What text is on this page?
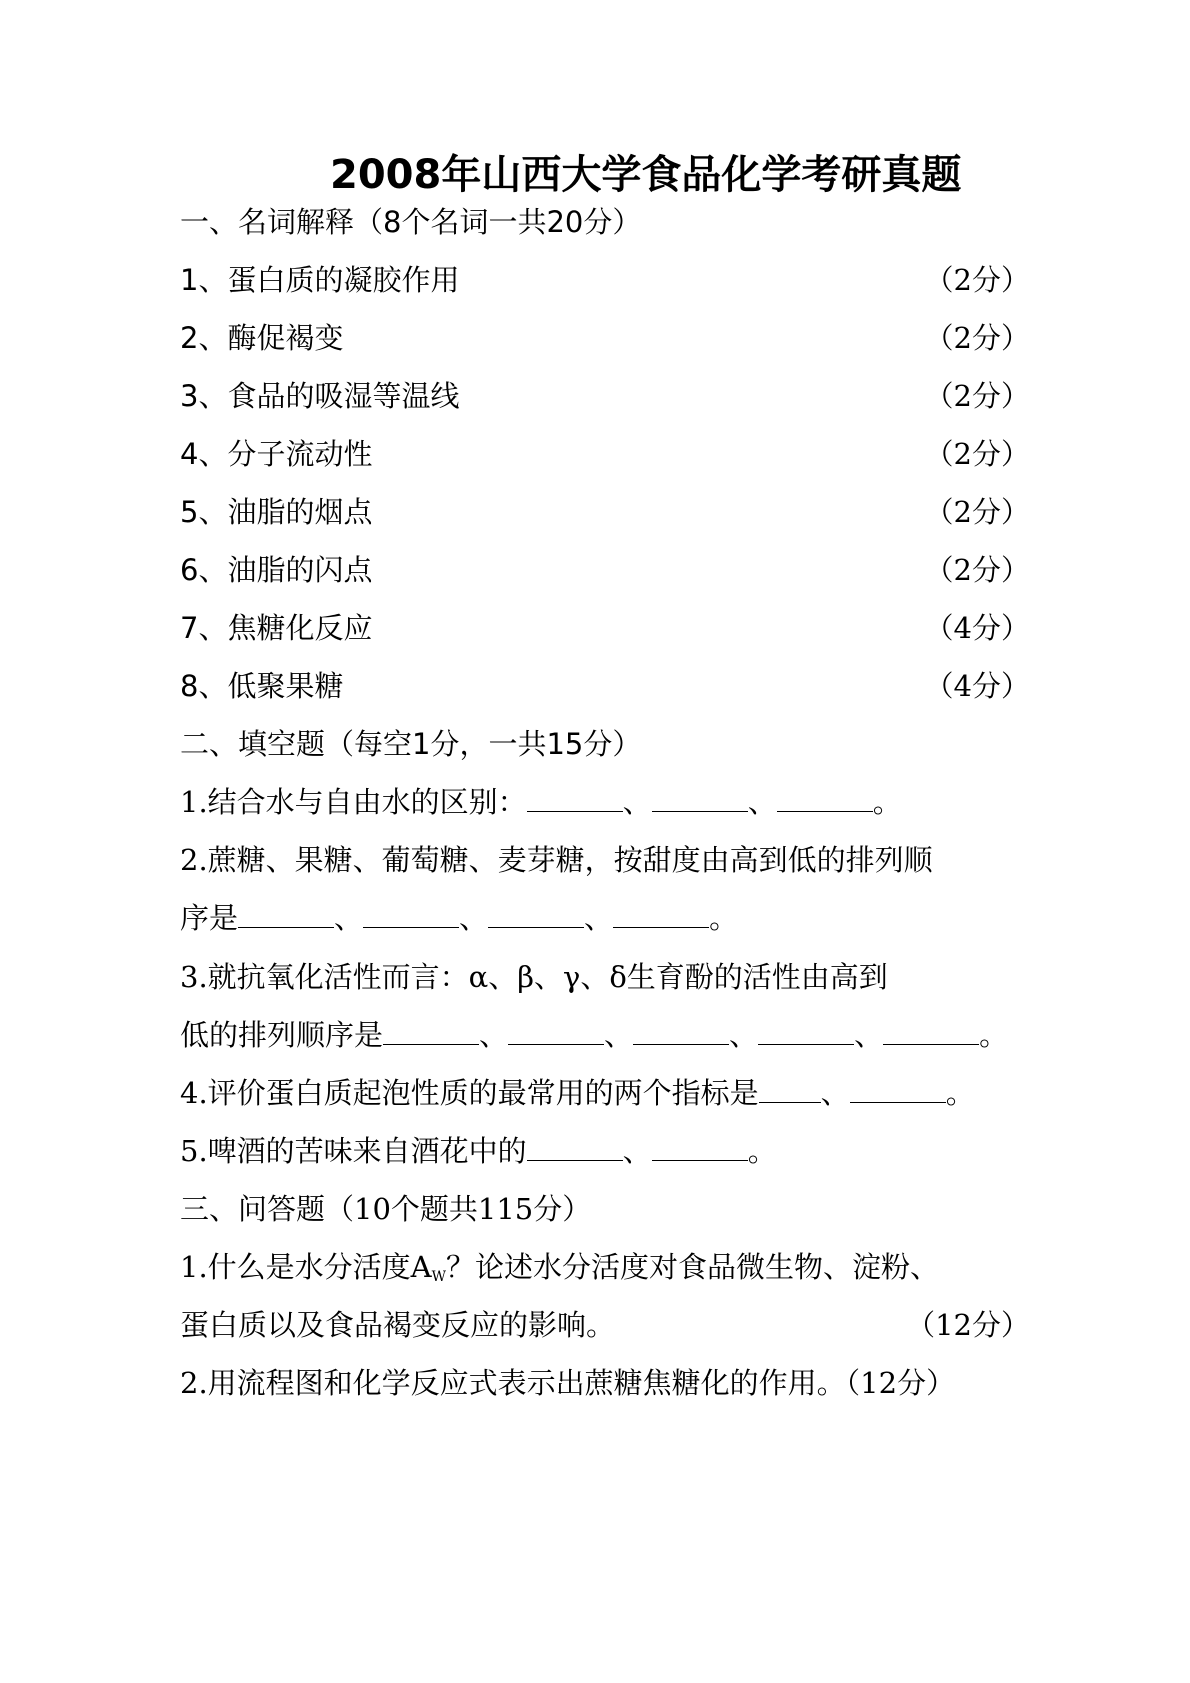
2008年山西大学食品化学考研真题
一、名词解释（8个名词一共20分）
1、蛋白质的凝胶作用	（2分）
2、酶促褐变	（2分）
3、食品的吸湿等温线	（2分）
4、分子流动性	（2分）
5、油脂的烟点	（2分）
6、油脂的闪点	（2分）
7、焦糖化反应	（4分）
8、低聚果糖	（4分）
二、填空题（每空1分，一共15分）
1.结合水与自由水的区别：	、	、	。
2.蔗糖、果糖、葡萄糖、麦芽糖，按甜度由高到低的排列顺
序是	、	、	、	。
3.就抗氧化活性而言：α、β、γ、δ生育酚的活性由高到
低的排列顺序是	、	、	、	、	。
4.评价蛋白质起泡性质的最常用的两个指标是 、	。
5.啤酒的苦味来自酒花中的	、	。
三、问答题（10个题共115分）
1.什么是水分活度$A_W$？论述水分活度对食品微生物、淀粉、
蛋白质以及食品褐变反应的影响。	（12分）
2.用流程图和化学反应式表示出蔗糖焦糖化的作用。（12分）
